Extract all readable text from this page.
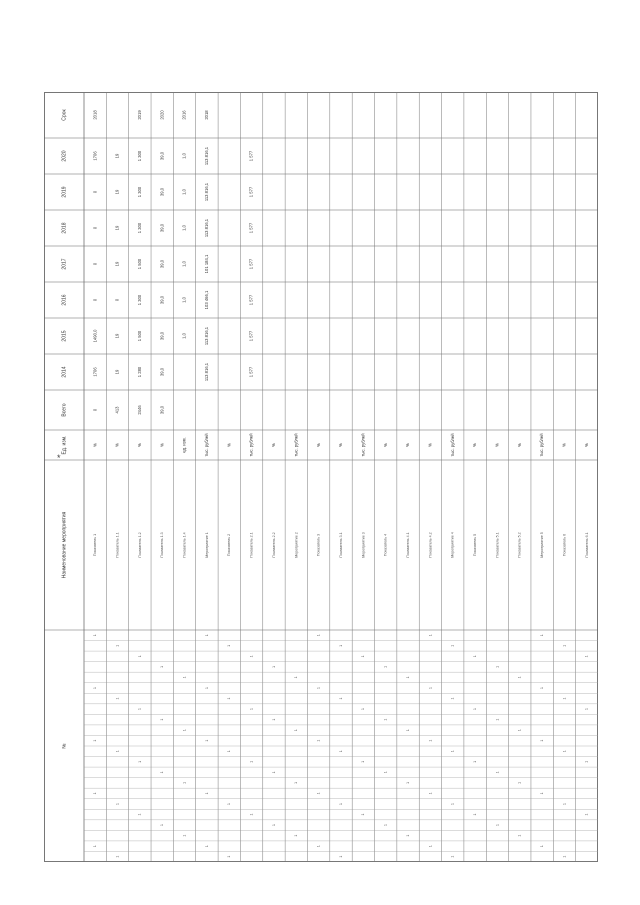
*
Срок
2020
2019
2018
2017
2016
2015
2014
Всего
Ед. изм.
Наименование мероприятия
№
2018
1706
0
0
0
0
1490,0
1706
0
%
Показатель 1
19
19
19
19
0
19
19
413
%
Показатель 1.1
2019
1 300
1 300
1 300
1 500
1 300
1 500
1 280
2446
%
Показатель 1.2
2020
39,0
39,0
39,0
39,0
39,0
39,0
39,0
39,0
%
Показатель 1.3
2016
1,0
1,0
1,0
1,0
1,0
1,0
ед. изм.
Показатель 1.4
2018
113 816,1
113 816,1
113 816,1
101 184,1
103 466,1
113 816,1
113 816,1
тыс. рублей
Мероприятие 1
%
Показатель 2
1 577
1 577
1 577
1 577
1 577
1 577
1 577
тыс. рублей
Показатель 2.1
%
Показатель 2.2
тыс. рублей
Мероприятие 2
%
Показатель 3
%
Показатель 3.1
тыс. рублей
Мероприятие 3
%
Показатель 4
%
Показатель 4.1
%
Показатель 4.2
тыс. рублей
Мероприятие 4
%
Показатель 5
%
Показатель 5.1
%
Показатель 5.2
тыс. рублей
Мероприятие 5
%
Показатель 6
%
Показатель 6.1
1
1
1
1
1
1
1
1
1
1
1
1
1
1
1
1
1
1
1
1
1
1
1
1
1
1
1
1
1
1
1
1
1
1
1
1
1
1
1
1
1
1
1
1
1
1
1
1
1
1
1
1
1
1
1
1
1
1
1
1
1
1
1
1
1
1
1
1
1
1
1
1
1
1
1
1
1
1
1
1
1
1
1
1
1
1
1
1
1
1
1
1
1
1
1
1
1
1
1
1
1
1
